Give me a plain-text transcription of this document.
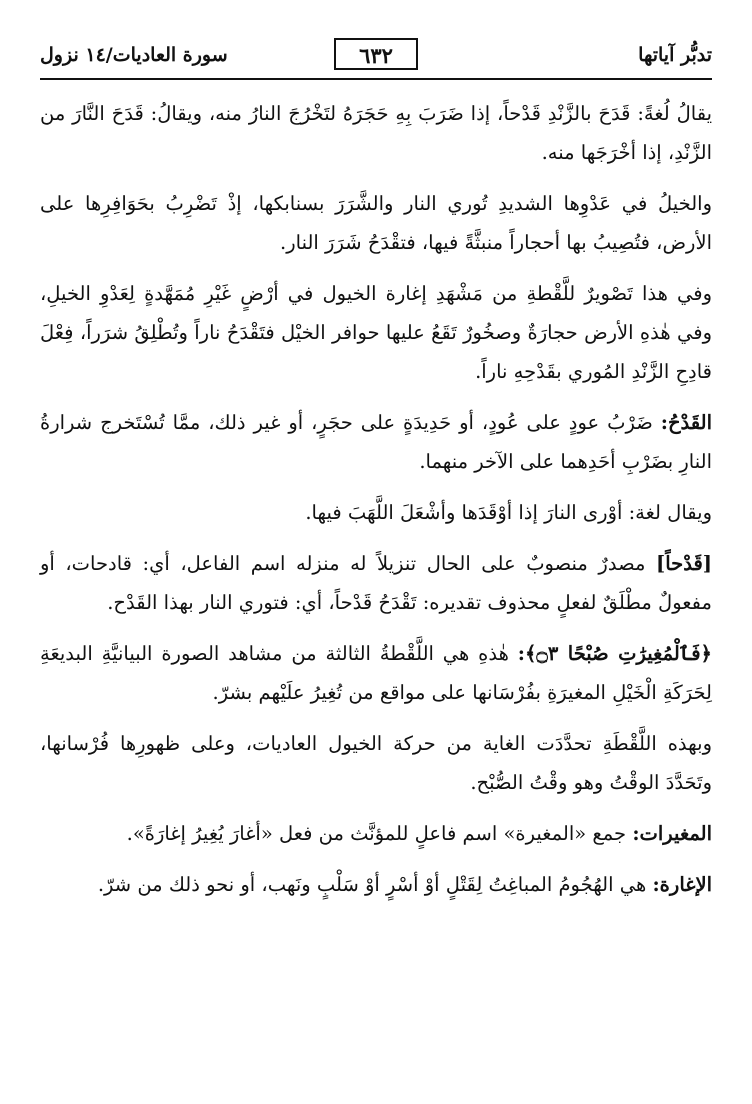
تدبُّر آياتها
٦٣٢
سورة العاديات/١٤ نزول

يقالُ لُغةً: قَدَحَ بالزَّنْدِ قَدْحاً، إذا ضَرَبَ بِهِ حَجَرَهُ لتَخْرُجَ النارُ منه، ويقالُ: قَدَحَ النَّارَ من الزَّنْدِ، إذا أخْرَجَها منه.

والخيلُ في عَدْوِها الشديدِ تُوري النار والشَّرَرَ بسنابكها، إذْ تَضْرِبُ بحَوَافِرِها على الأرض، فتُصِيبُ بها أحجاراً منبثَّةً فيها، فتقْدَحُ شَرَرَ النار.

وفي هذا تَصْويرٌ للَّقْطةِ من مَشْهَدِ إغارة الخيول في أرْضٍ غَيْرِ مُمَهَّدةٍ لِعَدْوِ الخيلِ، وفي هٰذهِ الأرض حجارَةٌ وصخُورٌ تَقَعُ عليها حوافر الخيْل فتَقْدَحُ ناراً وتُطْلِقُ شرَراً، فِعْلَ قادِحِ الزَّنْدِ المُوري بقَدْحِهِ ناراً.

القَدْحُ: ضَرْبُ عودٍ على عُودٍ، أو حَدِيدَةٍ على حجَرٍ، أو غير ذلك، ممَّا تُسْتَخرج شرارةُ النارِ بضَرْبِ أحَدِهما على الآخر منهما.

ويقال لغة: أوْرى النارَ إذا أوْقَدَها وأشْعَلَ اللَّهَبَ فيها.

[قَدْحاً] مصدرٌ منصوبٌ على الحال تنزيلاً له منزله اسم الفاعل، أي: قادحات، أو مفعولٌ مطْلَقٌ لفعلٍ محذوف تقديره: تَقْدَحُ قَدْحاً، أي: فتوري النار بهذا القَدْح.

﴿فَٱلْمُغِيرَٰتِ صُبْحًا ۝٣﴾: هٰذهِ هي اللَّقْطةُ الثالثة من مشاهد الصورة البيانيَّةِ البديعَةِ لِحَرَكَةِ الْخَيْلِ المغيرَةِ بفُرْسَانها على مواقع من تُغِيرُ علَيْهم بشرّ.

وبهذه اللَّقْطَةِ تحدَّدَت الغاية من حركة الخيول العاديات، وعلى ظهورِها فُرْسانها، وتَحَدَّدَ الوقْتُ وهو وقْتُ الصُّبْح.

المغيرات: جمع «المغيرة» اسم فاعلٍ للمؤنَّث من فعل «أغارَ يُغِيرُ إغارَةً».

الإغارة: هي الهُجُومُ المباغِتُ لِقَتْلٍ أوْ أسْرٍ أوْ سَلْبٍ ونَهب، أو نحو ذلك من شرّ.
